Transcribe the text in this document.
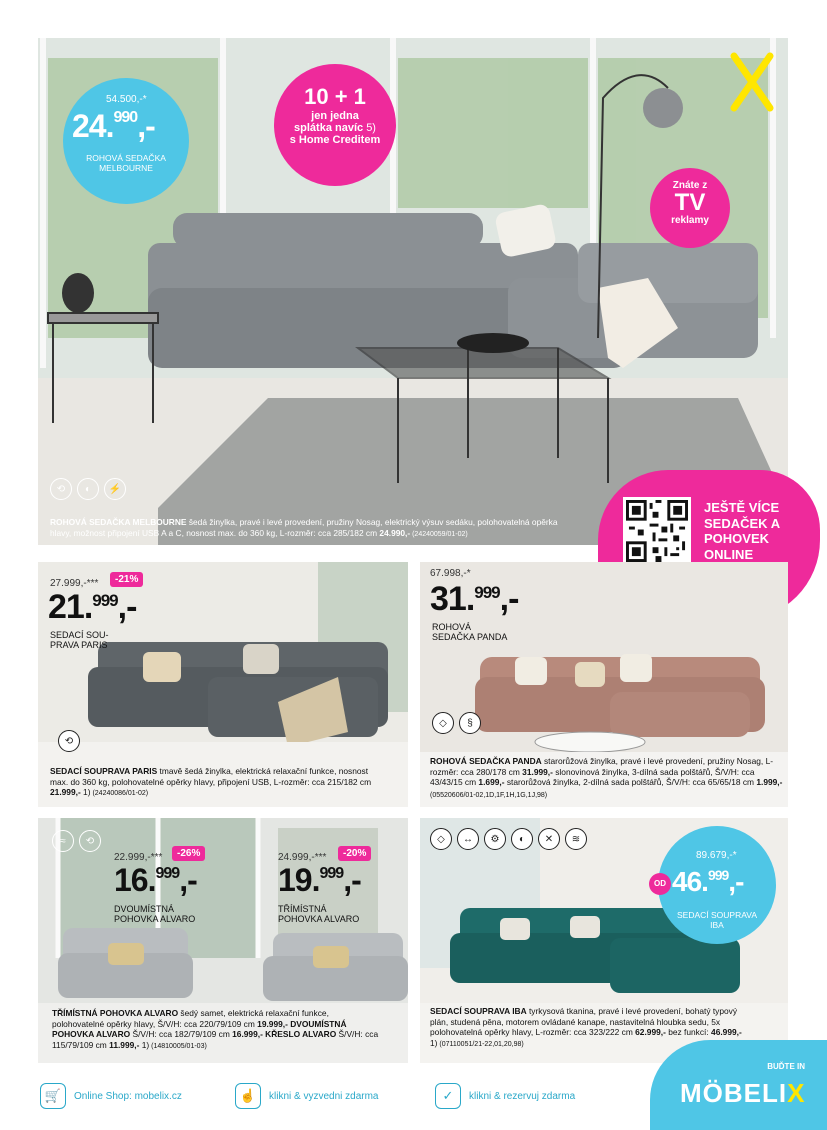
54.500,-*
24.$^{990}$,-
ROHOVÁ SEDAČKA MELBOURNE
10 + 1
jen jedna
splátka navíc 5)
s Home Creditem
Znáte z
TV
reklamy
⟲	◐	⚡
ROHOVÁ SEDAČKA MELBOURNE šedá žinylka, pravé i levé provedení, pružiny Nosag, elektrický výsuv sedáku, polohovatelná opěrka hlavy, možnost připojení USB A a C, nosnost max. do 360 kg, L-rozměr: cca 285/182 cm 24.990,- (24240059/01-02)
JEŠTĚ VÍCE
SEDAČEK A
POHOVEK
ONLINE
27.999,-***	-21%
21.$^{999}$,-
SEDACÍ SOU-
PRAVA PARIS
⟲
SEDACÍ SOUPRAVA PARIS tmavě šedá žinylka, elektrická relaxační funkce, nosnost max. do 360 kg, polohovatelné opěrky hlavy, připojení USB, L-rozměr: cca 215/182 cm 21.999,- 1) (24240086/01-02)
67.998,-*
31.$^{999}$,-
ROHOVÁ
SEDAČKA PANDA
◇	§
ROHOVÁ SEDAČKA PANDA starorůžová žinylka, pravé i levé provedení, pružiny Nosag, L-rozměr: cca 280/178 cm 31.999,- slonovinová žinylka, 3-dílná sada polštářů, Š/V/H: cca 43/43/15 cm 1.699,- starorůžová žinylka, 2-dílná sada polštářů, Š/V/H: cca 65/65/18 cm 1.999,- (05520606/01-02,1D,1F,1H,1G,1J,98)
≈	⟲
22.999,-***	-26%
16.$^{999}$,-
DVOUMÍSTNÁ
POHOVKA ALVARO
24.999,-***	-20%
19.$^{999}$,-
TŘÍMÍSTNÁ
POHOVKA ALVARO
TŘÍMÍSTNÁ POHOVKA ALVARO šedý samet, elektrická relaxační funkce, polohovatelné opěrky hlavy, Š/V/H: cca 220/79/109 cm 19.999,- DVOUMÍSTNÁ POHOVKA ALVARO Š/V/H: cca 182/79/109 cm 16.999,- KŘESLO ALVARO Š/V/H: cca 115/79/109 cm 11.999,- 1) (14810005/01-03)
◇	↔	⚙	◐	✕	≋
89.679,-*
OD 46.$^{999}$,-
SEDACÍ SOUPRAVA
IBA
SEDACÍ SOUPRAVA IBA tyrkysová tkanina, pravé i levé provedení, bohatý typový plán, studená pěna, motorem ovládané kanape, nastavitelná hloubka sedu, 5x polohovatelná opěrky hlavy, L-rozměr: cca 323/222 cm 62.999,- bez funkcí: 46.999,- 1) (07110051/21-22,01,20,98)
🛒	Online Shop: mobelix.cz	☝	klikni & vyzvedni zdarma	✓	klikni & rezervuj zdarma
BUĎTE IN
MÖBELIX
